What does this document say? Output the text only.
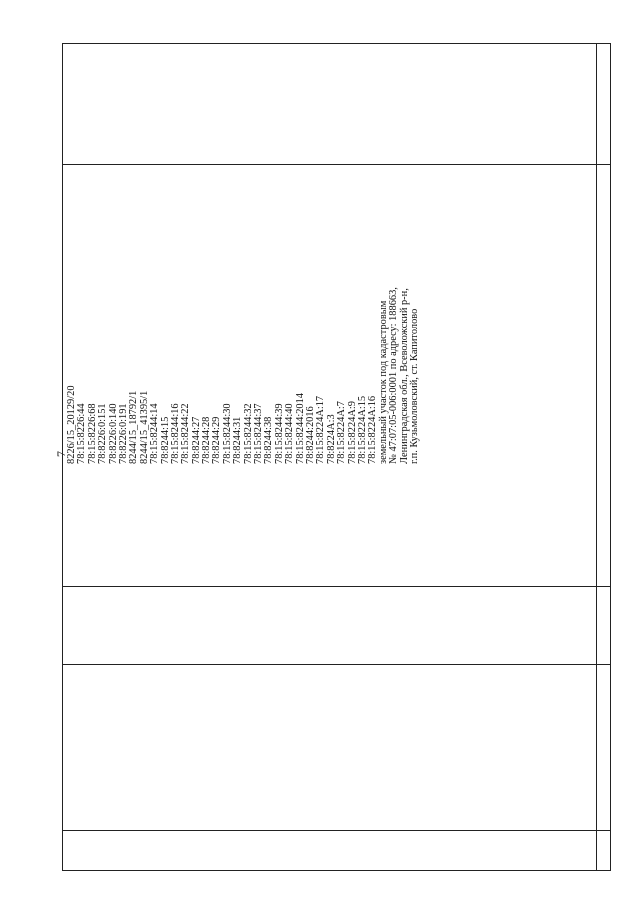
7
8226/15_20129/20 78:15:8226:44 78:15:8226:68 78:8226:0:151 78:8226:0:140 78:8226:0:191 8244/15_18792/1 8244/15_41395/1 78:15:8244:14 78:8244:15 78:15:8244:16 78:15:8244:22 78:8244:27 78:8244:28 78:8244:29 78:15:8244:30 78:8244:31 78:15:8244:32 78:15:8244:37 78:8244:38 78:15:8244:39 78:15:8244:40 78:15:8244:2014 78:8244:2016 78:15:8224A:17 78:8224A:3 78:15:8224A:7 78:15:8224A:9 78:15:8224A:15 78:15:8224A:16 земельный участок под кадастровым № 47:07:05-006:0001 по адресу: 188663, Ленинградская обл., Всеволожский р-н, г.п. Кузьмоловский, ст. Капитолово
